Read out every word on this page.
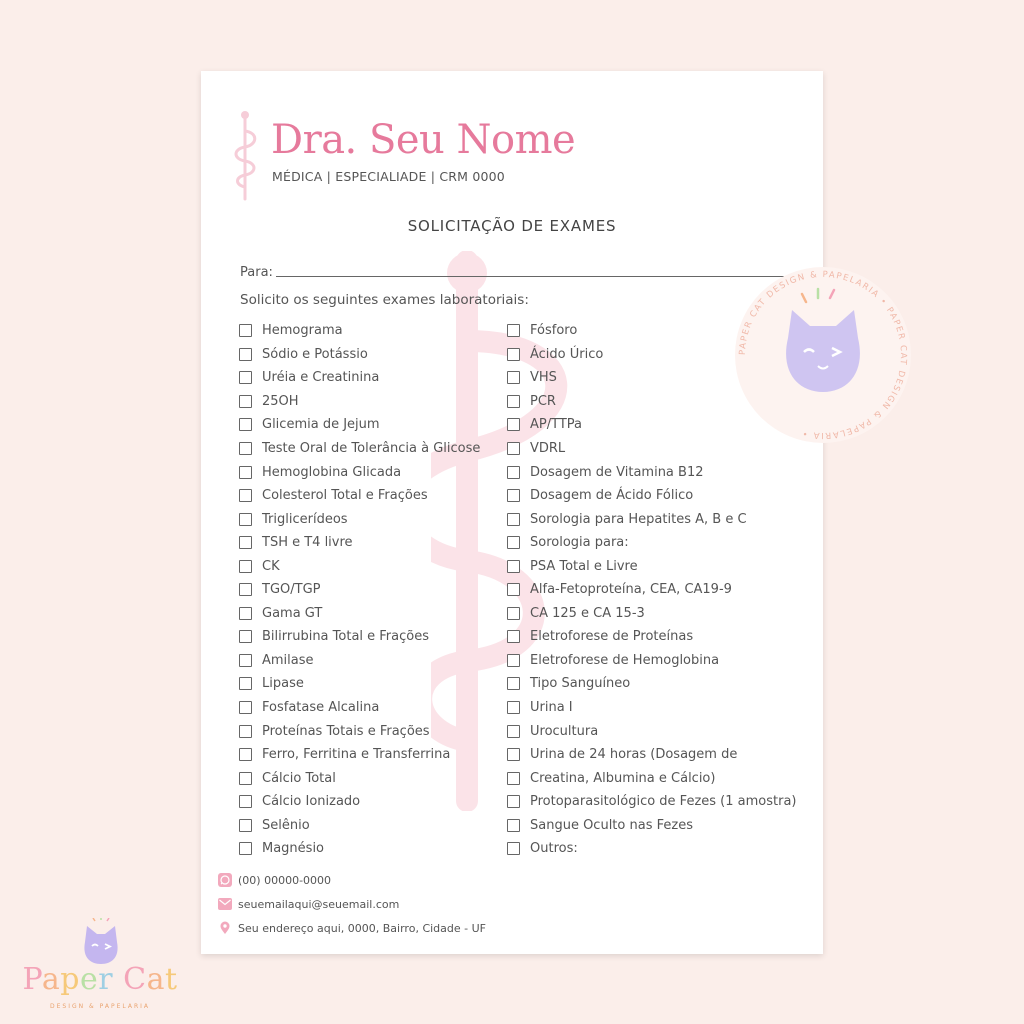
Dra. Seu Nome
MÉDICA | ESPECIALIADE | CRM 0000
SOLICITAÇÃO DE EXAMES
Para:
Solicito os seguintes exames laboratoriais:
Hemograma
Sódio e Potássio
Uréia e Creatinina
25OH
Glicemia de Jejum
Teste Oral de Tolerância à Glicose
Hemoglobina Glicada
Colesterol Total e Frações
Triglicerídeos
TSH e T4 livre
CK
TGO/TGP
Gama GT
Bilirrubina Total e Frações
Amilase
Lipase
Fosfatase Alcalina
Proteínas Totais e Frações
Ferro, Ferritina e Transferrina
Cálcio Total
Cálcio Ionizado
Selênio
Magnésio
Fósforo
Ácido Úrico
VHS
PCR
AP/TTPa
VDRL
Dosagem de Vitamina B12
Dosagem de Ácido Fólico
Sorologia para Hepatites A, B e C
Sorologia para:
PSA Total e Livre
Alfa-Fetoproteína, CEA, CA19-9
CA 125 e CA 15-3
Eletroforese de Proteínas
Eletroforese de Hemoglobina
Tipo Sanguíneo
Urina I
Urocultura
Urina de 24 horas (Dosagem de
Creatina, Albumina e Cálcio)
Protoparasitológico de Fezes (1 amostra)
Sangue Oculto nas Fezes
Outros:
(00) 00000-0000
seuemailaqui@seuemail.com
Seu endereço aqui, 0000, Bairro, Cidade - UF
PAPER CAT DESIGN & PAPELARIA • PAPER CAT DESIGN & PAPELARIA •
Paper Cat
DESIGN & PAPELARIA
